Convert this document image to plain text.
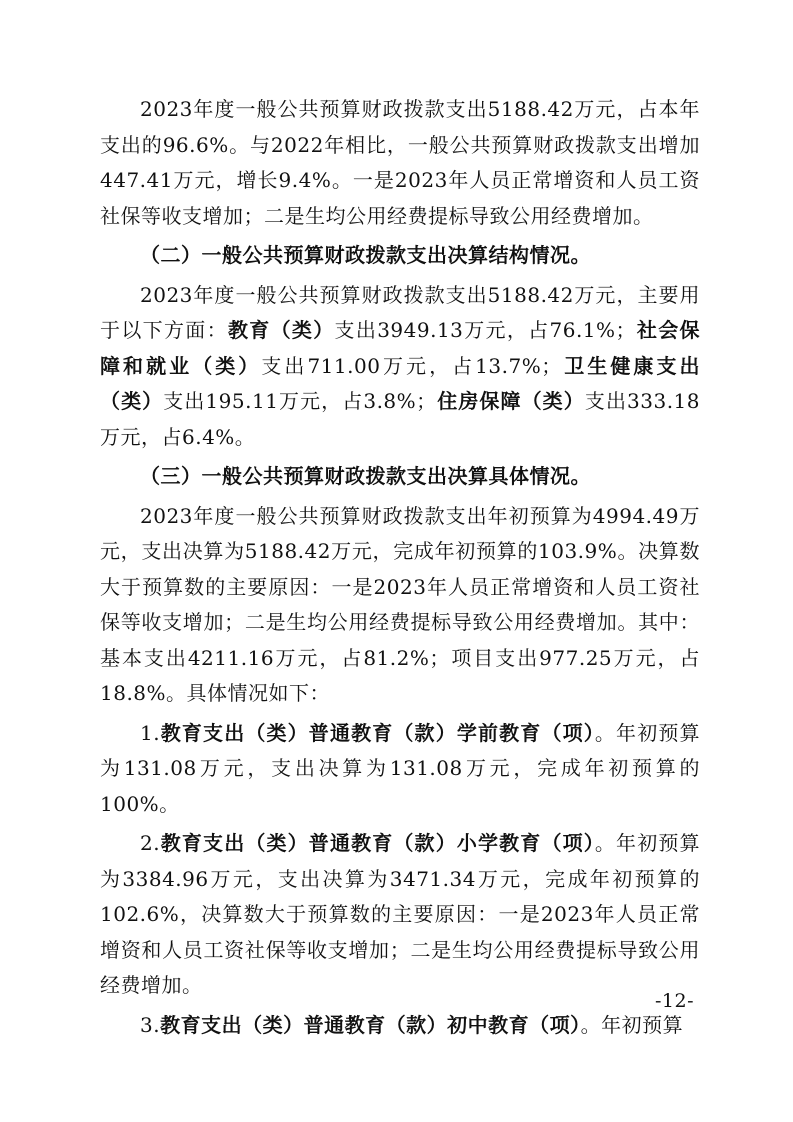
2023年度一般公共预算财政拨款支出5188.42万元，占本年支出的96.6%。与2022年相比，一般公共预算财政拨款支出增加447.41万元，增长9.4%。一是2023年人员正常增资和人员工资社保等收支增加；二是生均公用经费提标导致公用经费增加。

（二）一般公共预算财政拨款支出决算结构情况。

2023年度一般公共预算财政拨款支出5188.42万元，主要用于以下方面：教育（类）支出3949.13万元，占76.1%；社会保障和就业（类）支出711.00万元，占13.7%；卫生健康支出（类）支出195.11万元，占3.8%；住房保障（类）支出333.18万元，占6.4%。

（三）一般公共预算财政拨款支出决算具体情况。

2023年度一般公共预算财政拨款支出年初预算为4994.49万元，支出决算为5188.42万元，完成年初预算的103.9%。决算数大于预算数的主要原因：一是2023年人员正常增资和人员工资社保等收支增加；二是生均公用经费提标导致公用经费增加。其中：基本支出4211.16万元，占81.2%；项目支出977.25万元，占18.8%。具体情况如下：

1.教育支出（类）普通教育（款）学前教育（项）。年初预算为131.08万元，支出决算为131.08万元，完成年初预算的100%。

2.教育支出（类）普通教育（款）小学教育（项）。年初预算为3384.96万元，支出决算为3471.34万元，完成年初预算的102.6%，决算数大于预算数的主要原因：一是2023年人员正常增资和人员工资社保等收支增加；二是生均公用经费提标导致公用经费增加。

3.教育支出（类）普通教育（款）初中教育（项）。年初预算

-12-
